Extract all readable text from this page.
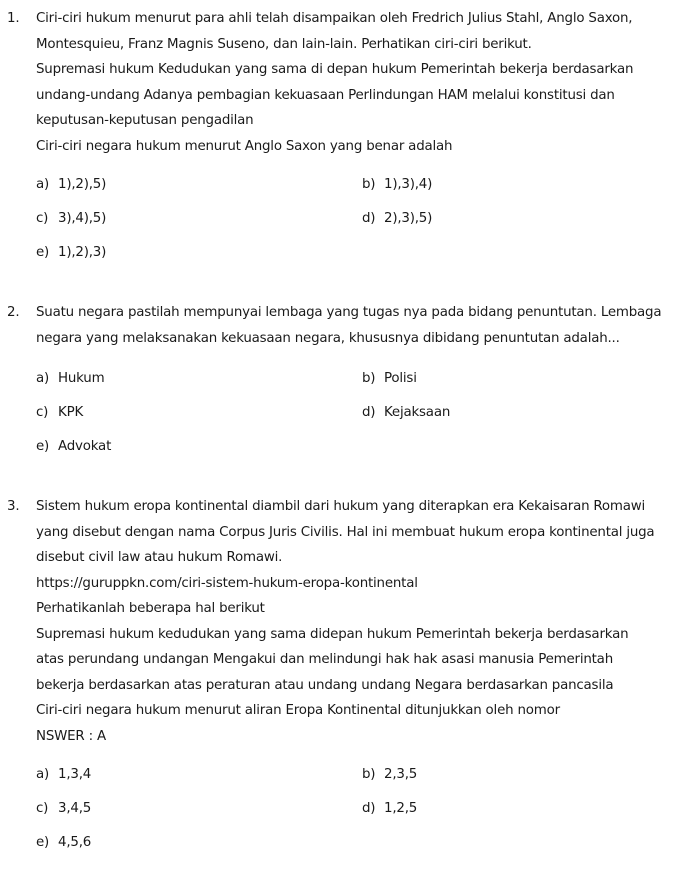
1. Ciri-ciri hukum menurut para ahli telah disampaikan oleh Fredrich Julius Stahl, Anglo Saxon,
Montesquieu, Franz Magnis Suseno, dan lain-lain. Perhatikan ciri-ciri berikut.
Supremasi hukum Kedudukan yang sama di depan hukum Pemerintah bekerja berdasarkan
undang-undang Adanya pembagian kekuasaan Perlindungan HAM melalui konstitusi dan
keputusan-keputusan pengadilan
Ciri-ciri negara hukum menurut Anglo Saxon yang benar adalah
a) 1),2),5)	b) 1),3),4)
c) 3),4),5)	d) 2),3),5)
e) 1),2),3)
2. Suatu negara pastilah mempunyai lembaga yang tugas nya pada bidang penuntutan. Lembaga
negara yang melaksanakan kekuasaan negara, khususnya dibidang penuntutan adalah...
a) Hukum	b) Polisi
c) KPK	d) Kejaksaan
e) Advokat
3. Sistem hukum eropa kontinental diambil dari hukum yang diterapkan era Kekaisaran Romawi
yang disebut dengan nama Corpus Juris Civilis. Hal ini membuat hukum eropa kontinental juga
disebut civil law atau hukum Romawi.
https://guruppkn.com/ciri-sistem-hukum-eropa-kontinental
Perhatikanlah beberapa hal berikut
Supremasi hukum kedudukan yang sama didepan hukum Pemerintah bekerja berdasarkan
atas perundang undangan Mengakui dan melindungi hak hak asasi manusia Pemerintah
bekerja berdasarkan atas peraturan atau undang undang Negara berdasarkan pancasila
Ciri-ciri negara hukum menurut aliran Eropa Kontinental ditunjukkan oleh nomor
NSWER : A
a) 1,3,4	b) 2,3,5
c) 3,4,5	d) 1,2,5
e) 4,5,6
